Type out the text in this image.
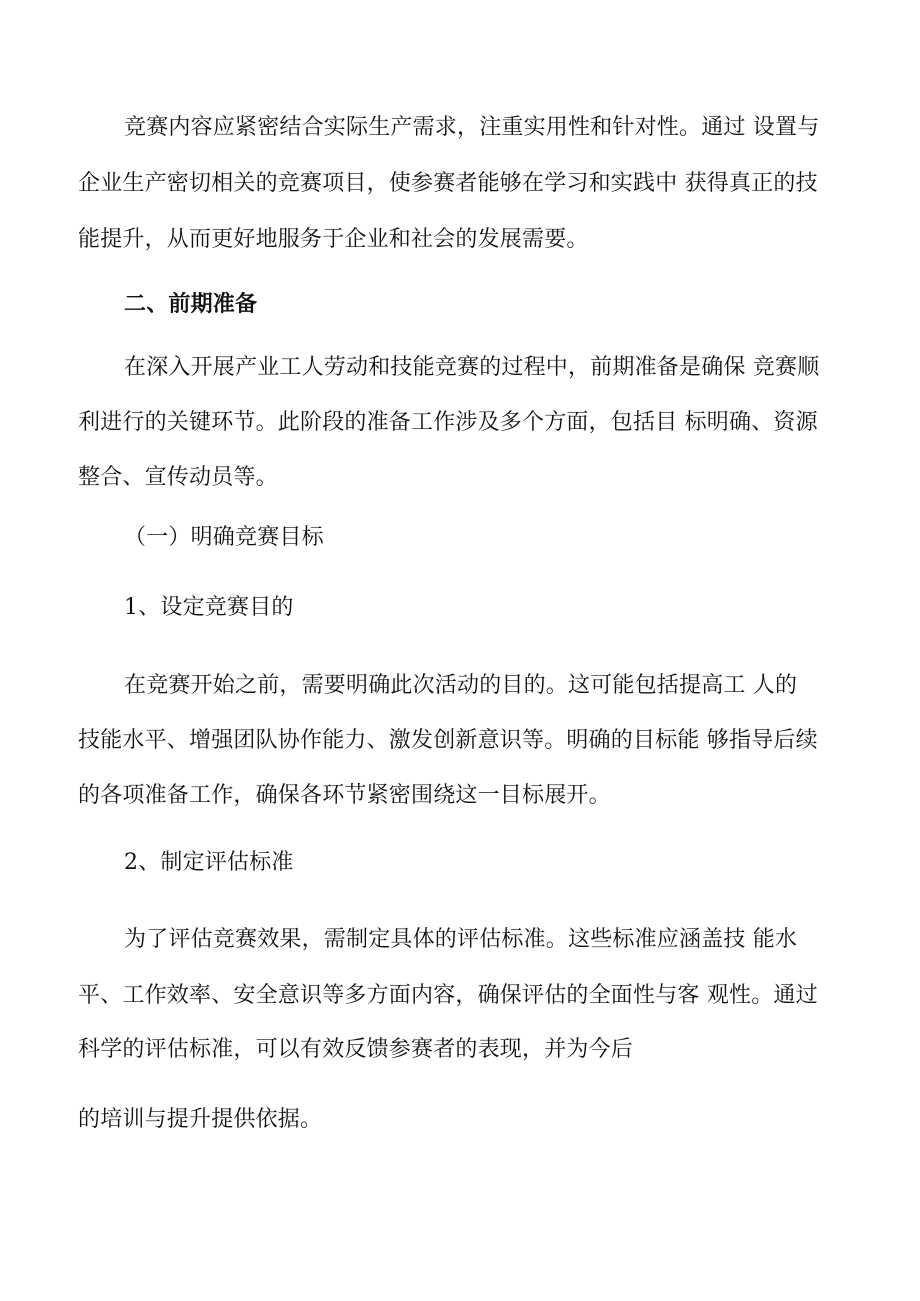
竞赛内容应紧密结合实际生产需求，注重实用性和针对性。通过 设置与
企业生产密切相关的竞赛项目，使参赛者能够在学习和实践中 获得真正的技
能提升，从而更好地服务于企业和社会的发展需要。
二、前期准备
在深入开展产业工人劳动和技能竞赛的过程中，前期准备是确保 竞赛顺
利进行的关键环节。此阶段的准备工作涉及多个方面，包括目 标明确、资源
整合、宣传动员等。
（一）明确竞赛目标
1、设定竞赛目的
在竞赛开始之前，需要明确此次活动的目的。这可能包括提高工 人的
技能水平、增强团队协作能力、激发创新意识等。明确的目标能 够指导后续
的各项准备工作，确保各环节紧密围绕这一目标展开。
2、制定评估标准
为了评估竞赛效果，需制定具体的评估标准。这些标准应涵盖技 能水
平、工作效率、安全意识等多方面内容，确保评估的全面性与客 观性。通过
科学的评估标准，可以有效反馈参赛者的表现，并为今后
的培训与提升提供依据。
